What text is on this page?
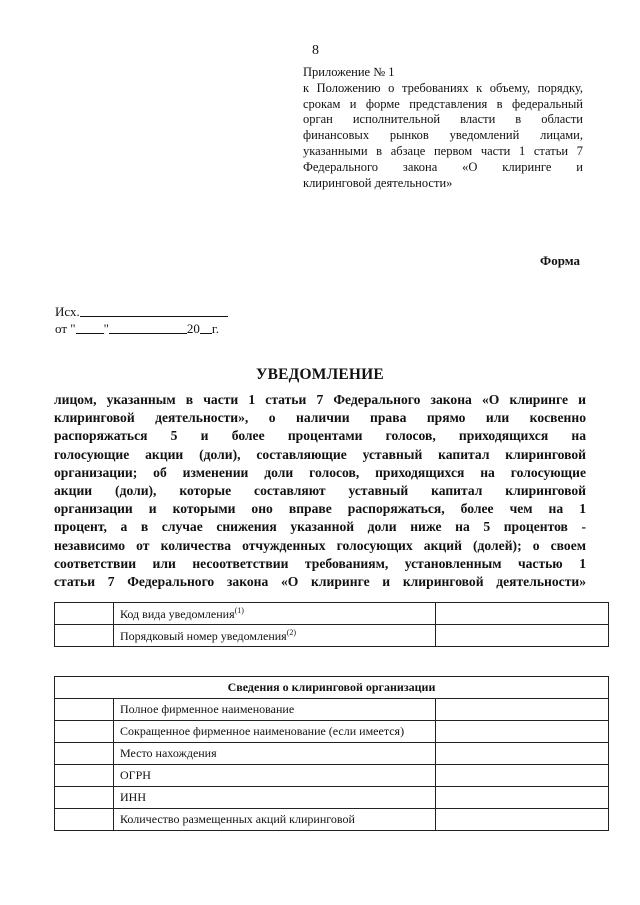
8
Приложение № 1
к Положению о требованиях к объему, порядку,
срокам и форме представления в федеральный
орган исполнительной власти в области
финансовых рынков уведомлений лицами,
указанными в абзаце первом части 1 статьи 7
Федерального закона «О клиринге и
клиринговой деятельности»
Форма
Исх.
от " "	20 г.
УВЕДОМЛЕНИЕ
лицом, указанным в части 1 статьи 7 Федерального закона «О клиринге и
клиринговой деятельности», о наличии права прямо или косвенно
распоряжаться 5 и более процентами голосов, приходящихся на
голосующие акции (доли), составляющие уставный капитал клиринговой
организации; об изменении доли голосов, приходящихся на голосующие
акции (доли), которые составляют уставный капитал клиринговой
организации и которыми оно вправе распоряжаться, более чем на 1
процент, а в случае снижения указанной доли ниже на 5 процентов -
независимо от количества отчужденных голосующих акций (долей); о своем
соответствии или несоответствии требованиям, установленным частью 1
статьи 7 Федерального закона «О клиринге и клиринговой деятельности»
	Код вида уведомления$^{(1)}$	
	Порядковый номер уведомления$^{(2)}$	
Сведения о клиринговой организации		
	Полное фирменное наименование	
	Сокращенное фирменное наименование (если имеется)	
	Место нахождения	
	ОГРН	
	ИНН	
	Количество размещенных акций клиринговой	
